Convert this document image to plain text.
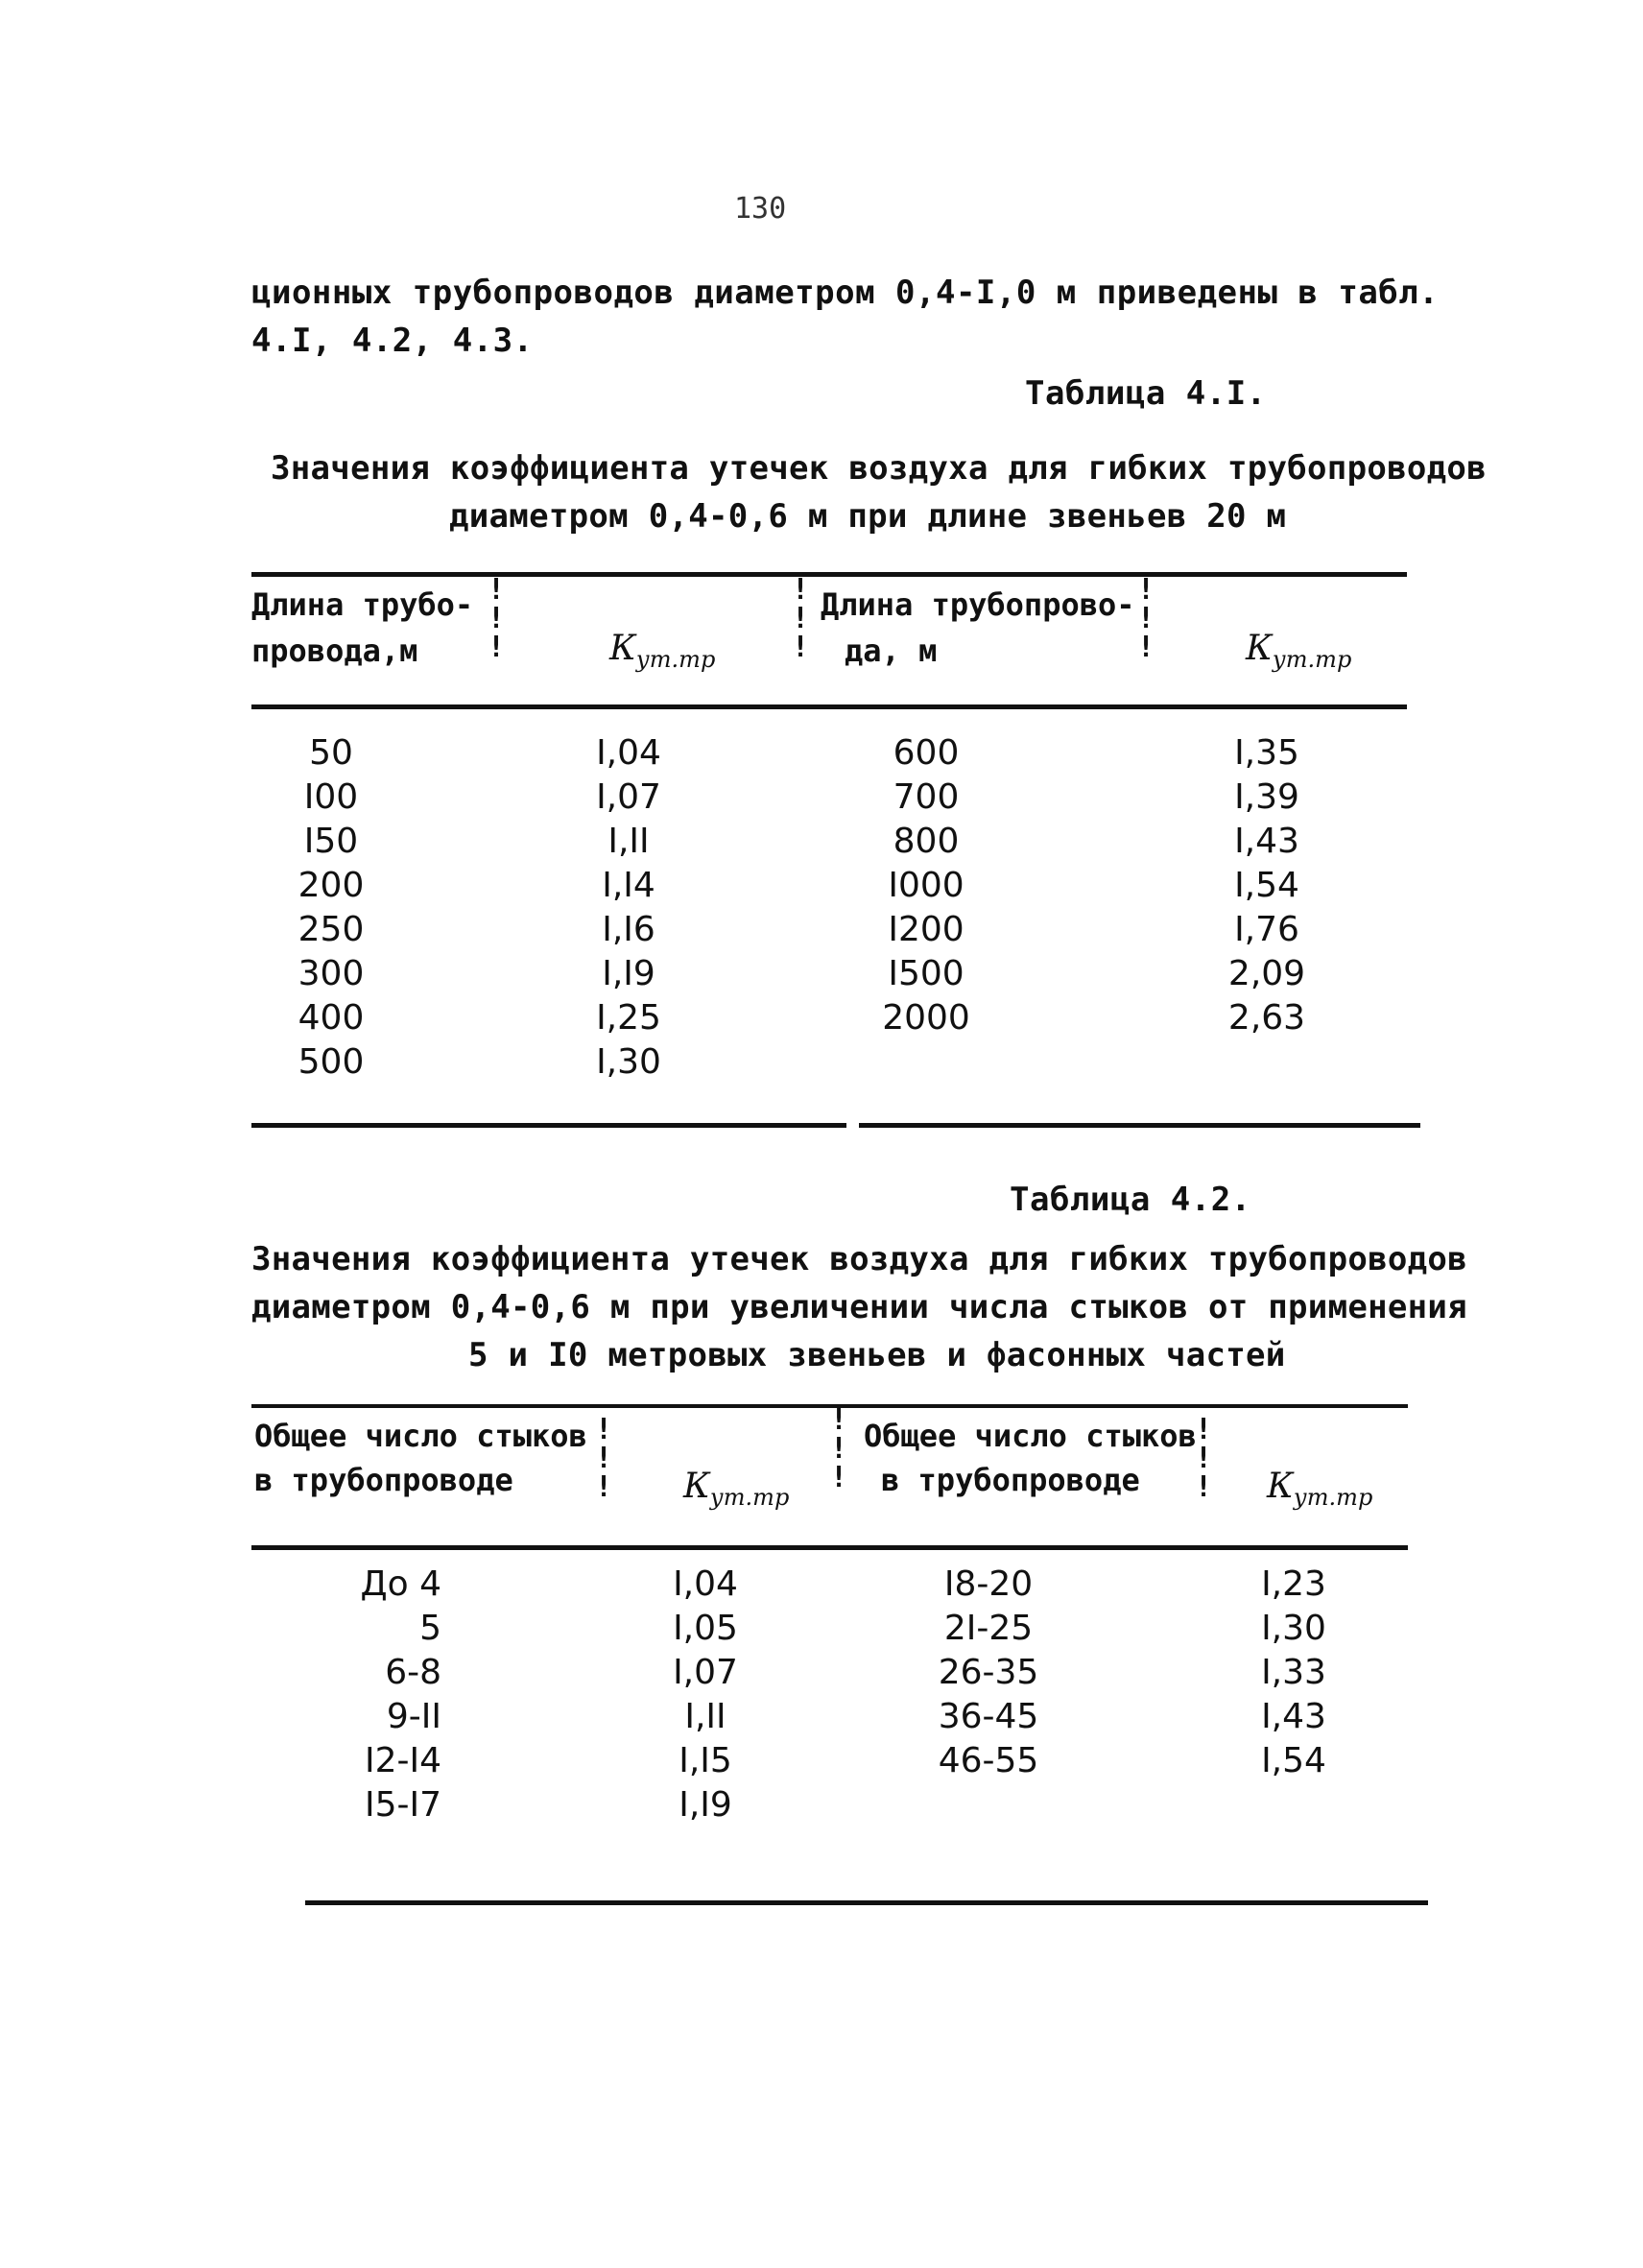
130
ционных трубопроводов диаметром 0,4-I,0 м приведены в табл.
4.I, 4.2, 4.3.
Таблица 4.I.
Значения коэффициента утечек воздуха для гибких трубопроводов
диаметром 0,4-0,6 м при длине звеньев 20 м
Длина трубо-
провода,м
!
!
!	$К_{ут.тр}$
!
!
!
Длина трубопрово-
да, м
!
!
!	$К_{ут.тр}$
50
I00
I50
200
250
300
400
500
I,04
I,07
I,II
I,I4
I,I6
I,I9
I,25
I,30
600
700
800
I000
I200
I500
2000
I,35
I,39
I,43
I,54
I,76
2,09
2,63
Таблица 4.2.
Значения коэффициента утечек воздуха для гибких трубопроводов
диаметром 0,4-0,6 м при увеличении числа стыков от применения
5 и I0 метровых звеньев и фасонных частей
Общее число стыков
в трубопроводе
!
!
! $К_{ут.тр}$
!
!
!
Общее число стыков
в трубопроводе
!
!
! $К_{ут.тр}$
До 4
5
6-8
9-II
I2-I4
I5-I7
I,04
I,05
I,07
I,II
I,I5
I,I9
I8-20
2I-25
26-35
36-45
46-55
I,23
I,30
I,33
I,43
I,54
